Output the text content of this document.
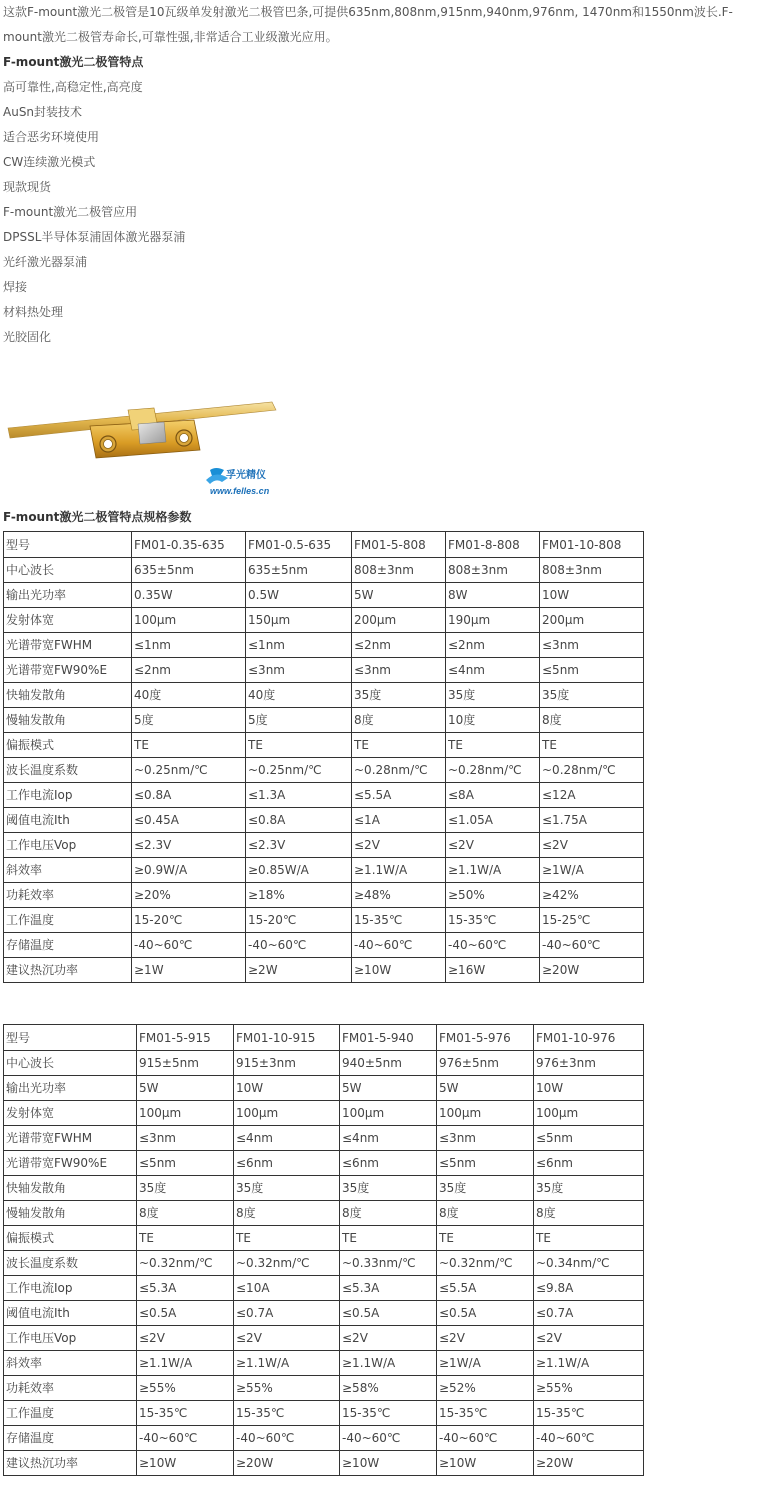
这款F-mount激光二极管是10瓦级单发射激光二极管巴条,可提供635nm,808nm,915nm,940nm,976nm, 1470nm和1550nm波长.F-
mount激光二极管寿命长,可靠性强,非常适合工业级激光应用。
F-mount激光二极管特点
高可靠性,高稳定性,高亮度
AuSn封装技术
适合恶劣环境使用
CW连续激光模式
现款现货
F-mount激光二极管应用
DPSSL半导体泵浦固体激光器泵浦
光纤激光器泵浦
焊接
材料热处理
光胶固化
孚光精仪
www.felles.cn
F-mount激光二极管特点规格参数
型号	FM01-0.35-635	FM01-0.5-635	FM01-5-808	FM01-8-808	FM01-10-808
中心波长	635±5nm	635±5nm	808±3nm	808±3nm	808±3nm
输出光功率	0.35W	0.5W	5W	8W	10W
发射体宽	100μm	150μm	200μm	190μm	200μm
光谱带宽FWHM	≤1nm	≤1nm	≤2nm	≤2nm	≤3nm
光谱带宽FW90%E	≤2nm	≤3nm	≤3nm	≤4nm	≤5nm
快轴发散角	40度	40度	35度	35度	35度
慢轴发散角	5度	5度	8度	10度	8度
偏振模式	TE	TE	TE	TE	TE
波长温度系数	~0.25nm/℃	~0.25nm/℃	~0.28nm/℃	~0.28nm/℃	~0.28nm/℃
工作电流Iop	≤0.8A	≤1.3A	≤5.5A	≤8A	≤12A
阈值电流Ith	≤0.45A	≤0.8A	≤1A	≤1.05A	≤1.75A
工作电压Vop	≤2.3V	≤2.3V	≤2V	≤2V	≤2V
斜效率	≥0.9W/A	≥0.85W/A	≥1.1W/A	≥1.1W/A	≥1W/A
功耗效率	≥20%	≥18%	≥48%	≥50%	≥42%
工作温度	15-20℃	15-20℃	15-35℃	15-35℃	15-25℃
存储温度	-40~60℃	-40~60℃	-40~60℃	-40~60℃	-40~60℃
建议热沉功率	≥1W	≥2W	≥10W	≥16W	≥20W
型号	FM01-5-915	FM01-10-915	FM01-5-940	FM01-5-976	FM01-10-976
中心波长	915±5nm	915±3nm	940±5nm	976±5nm	976±3nm
输出光功率	5W	10W	5W	5W	10W
发射体宽	100μm	100μm	100μm	100μm	100μm
光谱带宽FWHM	≤3nm	≤4nm	≤4nm	≤3nm	≤5nm
光谱带宽FW90%E	≤5nm	≤6nm	≤6nm	≤5nm	≤6nm
快轴发散角	35度	35度	35度	35度	35度
慢轴发散角	8度	8度	8度	8度	8度
偏振模式	TE	TE	TE	TE	TE
波长温度系数	~0.32nm/℃	~0.32nm/℃	~0.33nm/℃	~0.32nm/℃	~0.34nm/℃
工作电流Iop	≤5.3A	≤10A	≤5.3A	≤5.5A	≤9.8A
阈值电流Ith	≤0.5A	≤0.7A	≤0.5A	≤0.5A	≤0.7A
工作电压Vop	≤2V	≤2V	≤2V	≤2V	≤2V
斜效率	≥1.1W/A	≥1.1W/A	≥1.1W/A	≥1W/A	≥1.1W/A
功耗效率	≥55%	≥55%	≥58%	≥52%	≥55%
工作温度	15-35℃	15-35℃	15-35℃	15-35℃	15-35℃
存储温度	-40~60℃	-40~60℃	-40~60℃	-40~60℃	-40~60℃
建议热沉功率	≥10W	≥20W	≥10W	≥10W	≥20W
